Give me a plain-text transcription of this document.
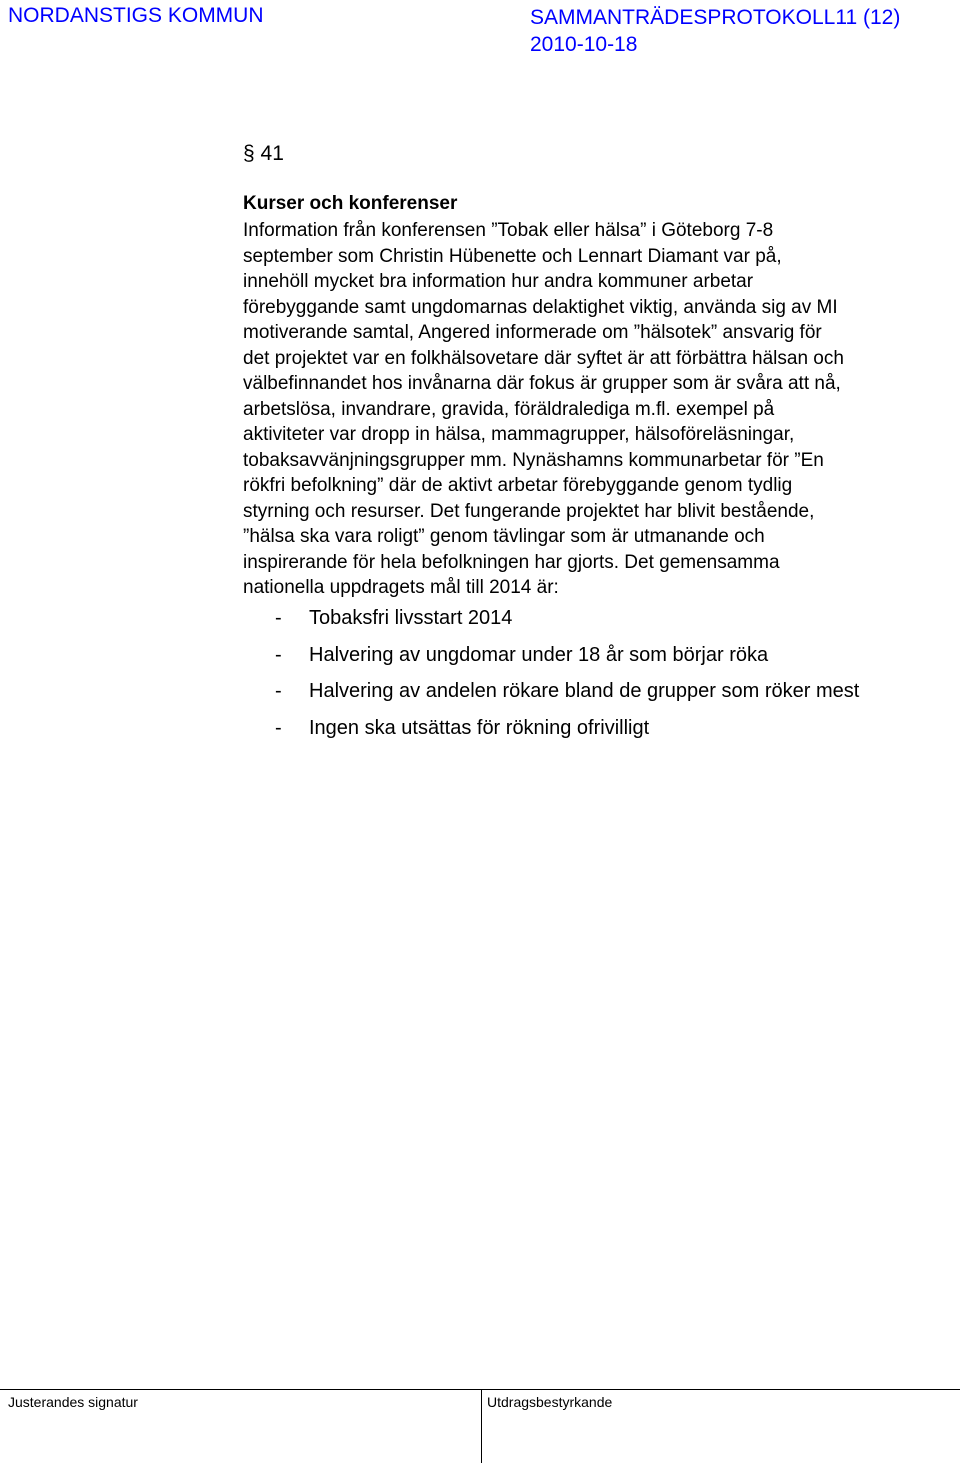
NORDANSTIGS KOMMUN	SAMMANTRÄDESPROTOKOLL11 (12)
2010-10-18
§ 41
Kurser och konferenser
Information från konferensen ”Tobak eller hälsa” i Göteborg 7-8
september som Christin Hübenette och Lennart Diamant var på,
innehöll mycket bra information hur andra kommuner arbetar
förebyggande samt ungdomarnas delaktighet viktig, använda sig av MI
motiverande samtal, Angered informerade om ”hälsotek” ansvarig för
det projektet var en folkhälsovetare där syftet är att förbättra hälsan och
välbefinnandet hos invånarna där fokus är grupper som är svåra att nå,
arbetslösa, invandrare, gravida, föräldralediga m.fl. exempel på
aktiviteter var dropp in hälsa, mammagrupper, hälsoföreläsningar,
tobaksavvänjningsgrupper mm. Nynäshamns kommunarbetar för ”En
rökfri befolkning” där de aktivt arbetar förebyggande genom tydlig
styrning och resurser. Det fungerande projektet har blivit bestående,
”hälsa ska vara roligt” genom tävlingar som är utmanande och
inspirerande för hela befolkningen har gjorts. Det gemensamma
nationella uppdragets mål till 2014 är:
- Tobaksfri livsstart 2014
- Halvering av ungdomar under 18 år som börjar röka
- Halvering av andelen rökare bland de grupper som röker mest
- Ingen ska utsättas för rökning ofrivilligt
Justerandes signatur	Utdragsbestyrkande
